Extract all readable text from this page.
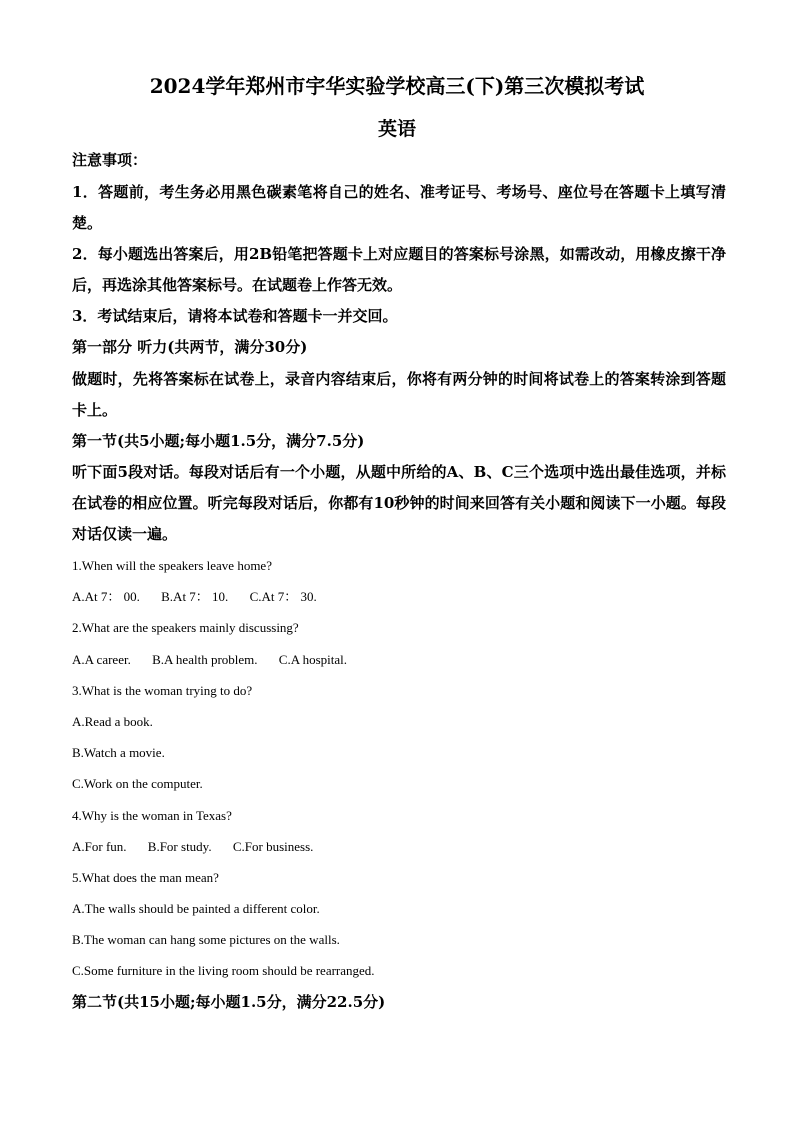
2024学年郑州市宇华实验学校高三(下)第三次模拟考试
英语

注意事项：

1．答题前，考生务必用黑色碳素笔将自己的姓名、准考证号、考场号、座位号在答题卡上填写清楚。

2．每小题选出答案后，用2B铅笔把答题卡上对应题目的答案标号涂黑，如需改动，用橡皮擦干净后，再选涂其他答案标号。在试题卷上作答无效。

3．考试结束后，请将本试卷和答题卡一并交回。

第一部分 听力(共两节，满分30分)

做题时，先将答案标在试卷上，录音内容结束后，你将有两分钟的时间将试卷上的答案转涂到答题卡上。

第一节(共5小题;每小题1.5分，满分7.5分)

听下面5段对话。每段对话后有一个小题，从题中所给的A、B、C三个选项中选出最佳选项，并标在试卷的相应位置。听完每段对话后，你都有10秒钟的时间来回答有关小题和阅读下一小题。每段对话仅读一遍。

1.When will the speakers leave home?

A.At 7： 00. B.At 7： 10. C.At 7： 30.

2.What are the speakers mainly discussing?

A.A career. B.A health problem. C.A hospital.

3.What is the woman trying to do?

A.Read a book.

B.Watch a movie.

C.Work on the computer.

4.Why is the woman in Texas?

A.For fun. B.For study. C.For business.

5.What does the man mean?

A.The walls should be painted a different color.

B.The woman can hang some pictures on the walls.

C.Some furniture in the living room should be rearranged.

第二节(共15小题;每小题1.5分，满分22.5分)
